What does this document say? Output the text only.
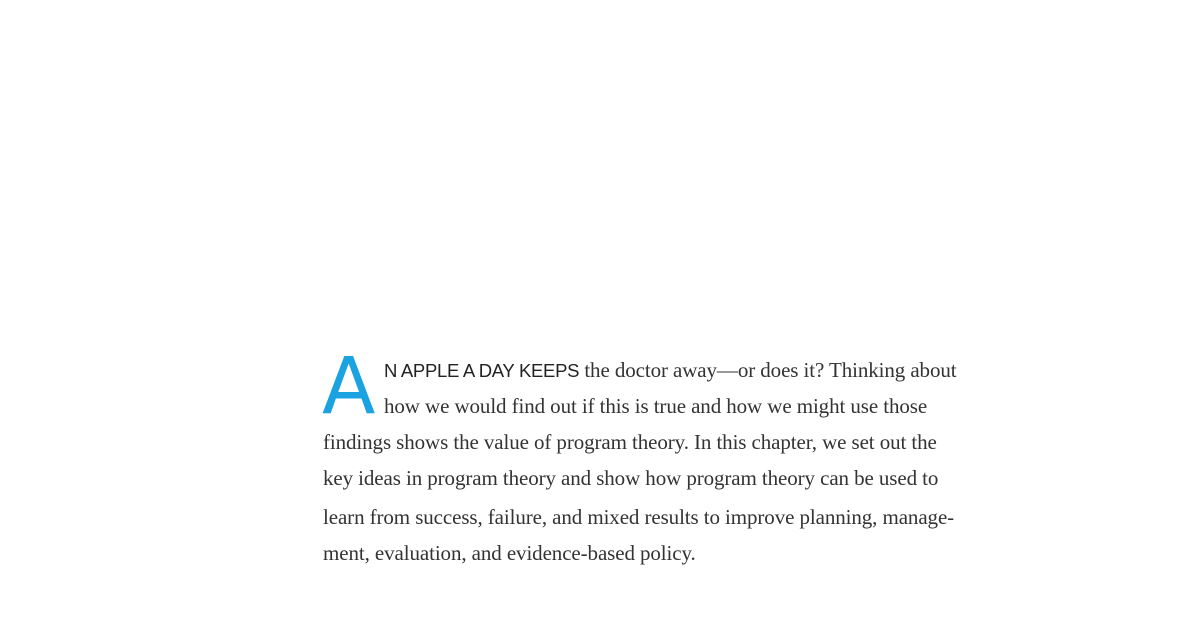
A N APPLE A DAY KEEPS the doctor away—or does it? Thinking about
how we would find out if this is true and how we might use those
findings shows the value of program theory. In this chapter, we set out the
key ideas in program theory and show how program theory can be used to
learn from success, failure, and mixed results to improve planning, manage-
ment, evaluation, and evidence-based policy.
